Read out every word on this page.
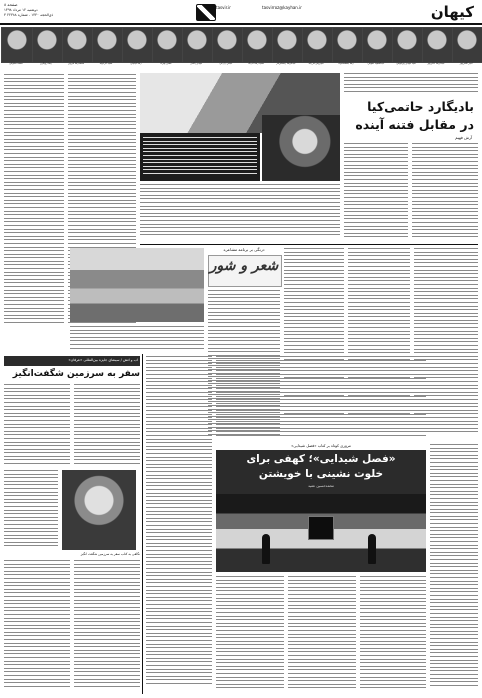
کیهان
tasvir.ir	tasvirroz@kayhan.ir
صفحه ۸
دوشنبه ۱۲ مرداد ۱۳۹۸
۳ ذی‌الحجه ۱۴۴۰ - شماره ۲۲۳۸۸
امیر کافی‌پور
عبدالرضا عالی‌پور
سید مهدی پیرکوهی
عبدالمجید صوفی
رضا بنفشه‌خواه
سیروس فرزانه
عبدالرضا رحمانی‌فر
حمید رضا آذرنگ
عباس زارعی
مهدی پاکدل
حسن بهراه
رضا کیانیان
حمید گرانپایه
محمدرضا فروتن
رضا رویگری
محمد سلوکی
بادیگارد حاتمی‌کیا
در مقابل فتنه آینده
آرش فهیم
درنگی بر برنامه مشاعره
شعر و شور
آب و آتش / سینمای جایزه بین‌المللی «عرفان»
سفر به سرزمین شگفت‌انگیز
نگاهی به کتاب سفر به سرزمین شگفت انگیز
مروری کوتاه بر کتاب «فصل شیدایی»
«فصل شیدایی»؛ کهفی برای
خلوت نشینی با خویشتن
محمدحسین عمید
